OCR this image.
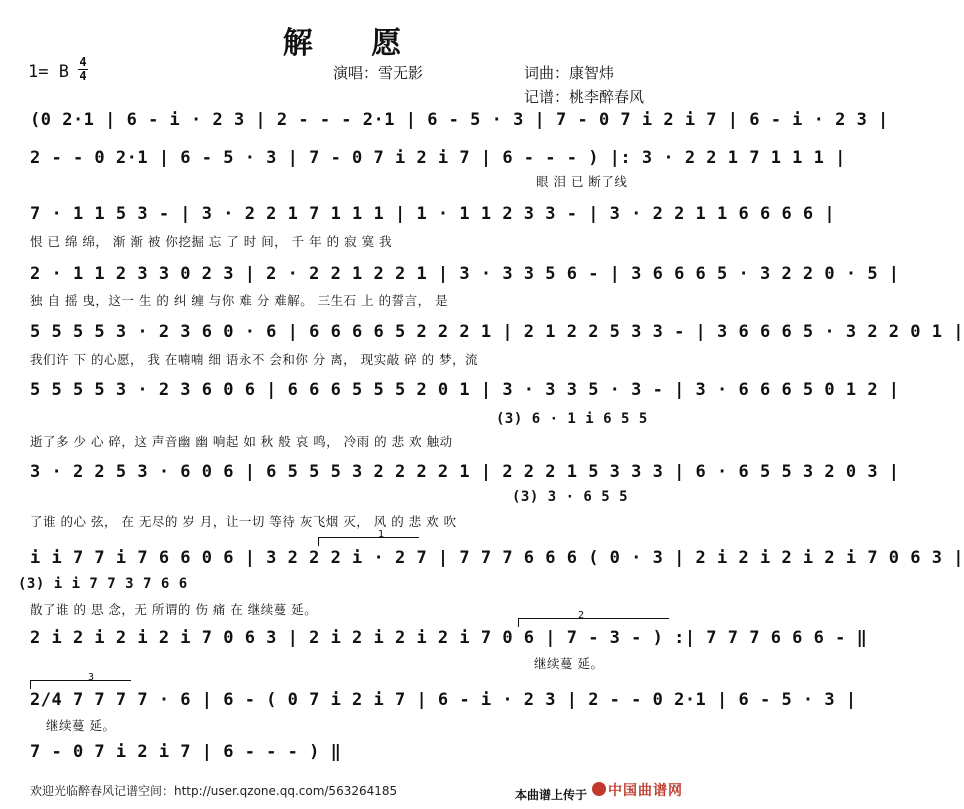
解 愿
1= B 4
4	演唱：雪无影	词曲：康智炜
记谱：桃李醉春风
(0 2·1 | 6 - i · 2 3 | 2 - - - 2·1 | 6 - 5 · 3 | 7 - 0 7 i 2 i 7 | 6 - i · 2 3 |
2 - - 0 2·1 | 6 - 5 · 3 | 7 - 0 7 i 2 i 7 | 6 - - - ) |: 3 · 2 2 1 7 1 1 1 |
眼 泪 已 断了线
7 · 1 1 5 3 - | 3 · 2 2 1 7 1 1 1 | 1 · 1 1 2 3 3 - | 3 · 2 2 1 1 6 6 6 6 |
恨 已 绵 绵， 渐 渐 被 你挖掘 忘 了 时 间， 千 年 的 寂 寞 我
2 · 1 1 2 3 3 0 2 3 | 2 · 2 2 1 2 2 1 | 3 · 3 3 5 6 - | 3 6 6 6 5 · 3 2 2 0 · 5 |
独 自 摇 曳，这一 生 的 纠 缠 与你 难 分 难解。 三生石 上 的誓言， 是
5 5 5 5 3 · 2 3 6 0 · 6 | 6 6 6 6 5 2 2 2 1 | 2 1 2 2 5 3 3 - | 3 6 6 6 5 · 3 2 2 0 1 |
我们许 下 的心愿， 我 在喃喃 细 语永不 会和你 分 离， 现实敲 碎 的 梦，流
5 5 5 5 3 · 2 3 6 0 6 | 6 6 6 5 5 5 2 0 1 | 3 · 3 3 5 · 3 - | 3 · 6 6 6 5 0 1 2 |
(3) 6 · 1 i 6 5 5
逝了多 少 心 碎，这 声音幽 幽 响起 如 秋 般 哀 鸣， 冷雨 的 悲 欢 触动
3 · 2 2 5 3 · 6 0 6 | 6 5 5 5 3 2 2 2 2 1 | 2 2 2 1 5 3 3 3 | 6 · 6 5 5 3 2 0 3 |
(3) 3 · 6 5 5
了谁 的心 弦， 在 无尽的 岁 月，让一切 等待 灰飞烟 灭， 风 的 悲 欢 吹
1
i i 7 7 i 7 6 6 0 6 | 3 2 2 2 i · 2 7 | 7 7 7 6 6 6 ( 0 · 3 | 2 i 2 i 2 i 2 i 7 0 6 3 |
(3) i i 7 7 3 7 6 6
散了谁 的 思 念，无 所谓的 伤 痛 在 继续蔓 延。	2
2 i 2 i 2 i 2 i 7 0 6 3 | 2 i 2 i 2 i 2 i 7 0 6 | 7 - 3 - ) :| 7 7 7 6 6 6 - ‖
继续蔓 延。
3
2/4 7 7 7 7 · 6 | 6 - ( 0 7 i 2 i 7 | 6 - i · 2 3 | 2 - - 0 2·1 | 6 - 5 · 3 |
继续蔓 延。
7 - 0 7 i 2 i 7 | 6 - - - ) ‖
欢迎光临醉春风记谱空间：http://user.qzone.qq.com/563264185	本曲谱上传于 中国曲谱网
